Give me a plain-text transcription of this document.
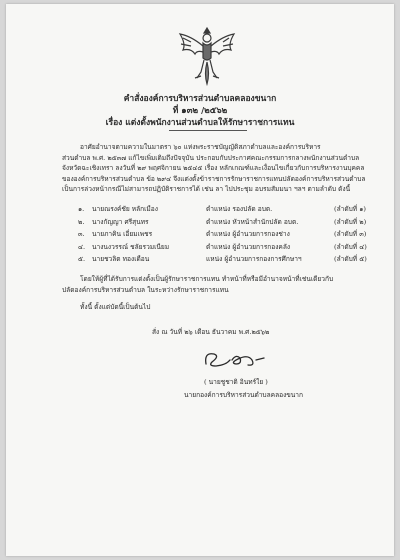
คำสั่งองค์การบริหารส่วนตำบลคลองขนาก
ที่ ๑๓๒ /๒๕๖๒
เรื่อง แต่งตั้งพนักงานส่วนตำบลให้รักษาราชการแทน
อาศัยอำนาจตามความในมาตรา ๖๐ แห่งพระราชบัญญัติสภาตำบลและองค์การบริหาร
ส่วนตำบล พ.ศ. ๒๕๓๗ แก้ไขเพิ่มเติมถึงปัจจุบัน ประกอบกับประกาศคณะกรรมการกลางพนักงานส่วนตำบล
จังหวัดฉะเชิงเทรา ลงวันที่ ๒๙ พฤศจิกายน ๒๕๔๕ เรื่อง หลักเกณฑ์และเงื่อนไขเกี่ยวกับการบริหารงานบุคคล
ขององค์การบริหารส่วนตำบล ข้อ ๒๙๔ จึงแต่งตั้งข้าราชการรักษาราชการแทนปลัดองค์การบริหารส่วนตำบล
เป็นการล่วงหน้ากรณีไม่สามารถปฏิบัติราชการได้ เช่น ลา ไปประชุม อบรมสัมมนา ฯลฯ ตามลำดับ ดังนี้
๑.	นายณรงค์ชัย หลักเมือง	ตำแหน่ง รองปลัด อบต.	(ลำดับที่ ๑)
๒.	นางกัญญา ศรีสุนทร	ตำแหน่ง หัวหน้าสำนักปลัด อบต.	(ลำดับที่ ๒)
๓.	นายภาคิน เอี่ยมเพชร	ตำแหน่ง ผู้อำนวยการกองช่าง	(ลำดับที่ ๓)
๔.	นางนงวรรณ์ ชลัยรวมเนียม	ตำแหน่ง ผู้อำนวยการกองคลัง	(ลำดับที่ ๔)
๕.	นายชวลิต ทองเดือน	แหน่ง ผู้อำนวยการกองการศึกษาฯ	(ลำดับที่ ๕)
โดยให้ผู้ที่ได้รับการแต่งตั้งเป็นผู้รักษาราชการแทน ทำหน้าที่หรือมีอำนาจหน้าที่เช่นเดียวกับ
ปลัดองค์การบริหารส่วนตำบล ในระหว่างรักษาราชการแทน
ทั้งนี้ ตั้งแต่บัดนี้เป็นต้นไป
สั่ง ณ วันที่ ๒๖ เดือน ธันวาคม พ.ศ.๒๕๖๒
( นายชูชาติ อินทร์ใย )
นายกองค์การบริหารส่วนตำบลคลองขนาก
